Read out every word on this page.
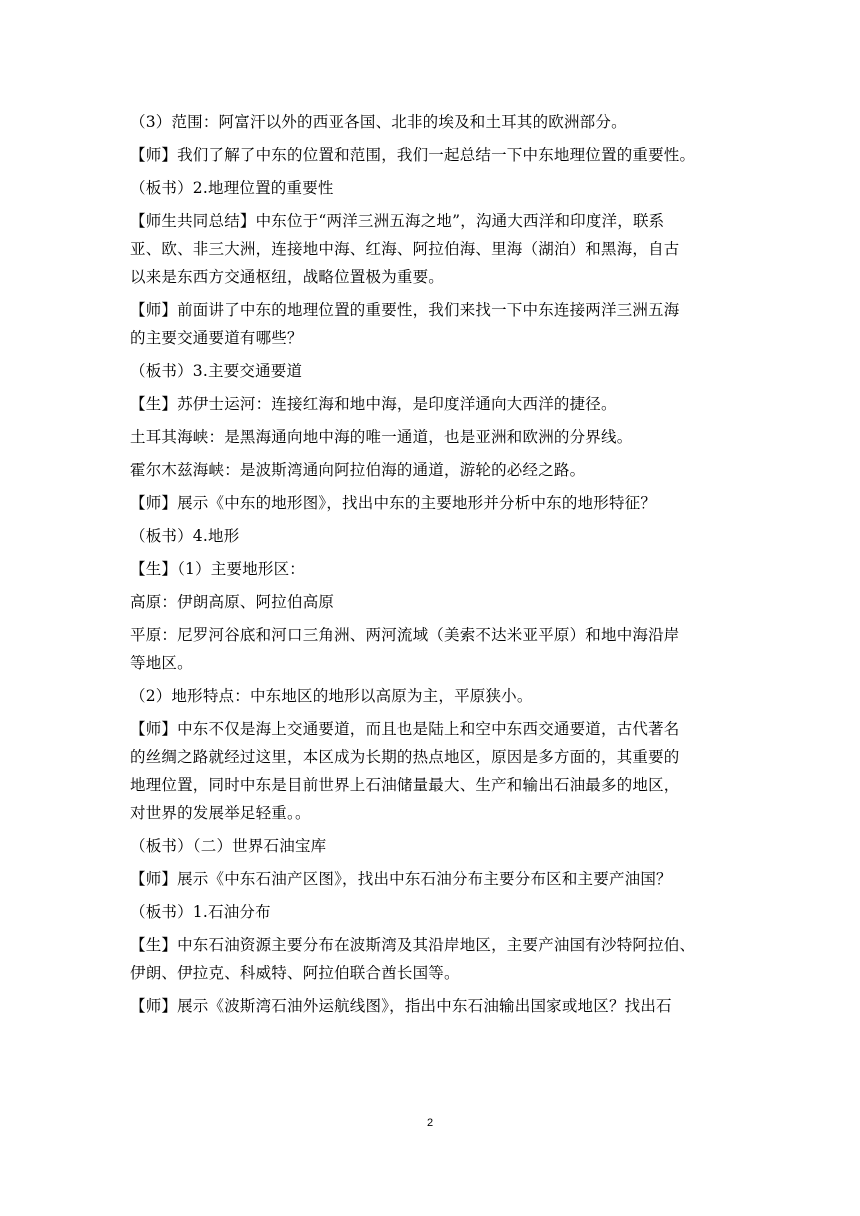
（3）范围：阿富汗以外的西亚各国、北非的埃及和土耳其的欧洲部分。

【师】我们了解了中东的位置和范围，我们一起总结一下中东地理位置的重要性。

（板书）2.地理位置的重要性

【师生共同总结】中东位于“两洋三洲五海之地”，沟通大西洋和印度洋，联系

亚、欧、非三大洲，连接地中海、红海、阿拉伯海、里海（湖泊）和黑海，自古

以来是东西方交通枢纽，战略位置极为重要。

【师】前面讲了中东的地理位置的重要性，我们来找一下中东连接两洋三洲五海

的主要交通要道有哪些？

（板书）3.主要交通要道

【生】苏伊士运河：连接红海和地中海，是印度洋通向大西洋的捷径。

土耳其海峡：是黑海通向地中海的唯一通道，也是亚洲和欧洲的分界线。

霍尔木兹海峡：是波斯湾通向阿拉伯海的通道，游轮的必经之路。

【师】展示《中东的地形图》，找出中东的主要地形并分析中东的地形特征？

（板书）4.地形

【生】（1）主要地形区：

高原：伊朗高原、阿拉伯高原

平原：尼罗河谷底和河口三角洲、两河流域（美索不达米亚平原）和地中海沿岸

等地区。

（2）地形特点：中东地区的地形以高原为主，平原狭小。

【师】中东不仅是海上交通要道，而且也是陆上和空中东西交通要道，古代著名

的丝绸之路就经过这里，本区成为长期的热点地区，原因是多方面的，其重要的

地理位置，同时中东是目前世界上石油储量最大、生产和输出石油最多的地区，

对世界的发展举足轻重。。

（板书）（二）世界石油宝库

【师】展示《中东石油产区图》，找出中东石油分布主要分布区和主要产油国？

（板书）1.石油分布

【生】中东石油资源主要分布在波斯湾及其沿岸地区，主要产油国有沙特阿拉伯、

伊朗、伊拉克、科威特、阿拉伯联合酋长国等。

【师】展示《波斯湾石油外运航线图》，指出中东石油输出国家或地区？找出石

2
